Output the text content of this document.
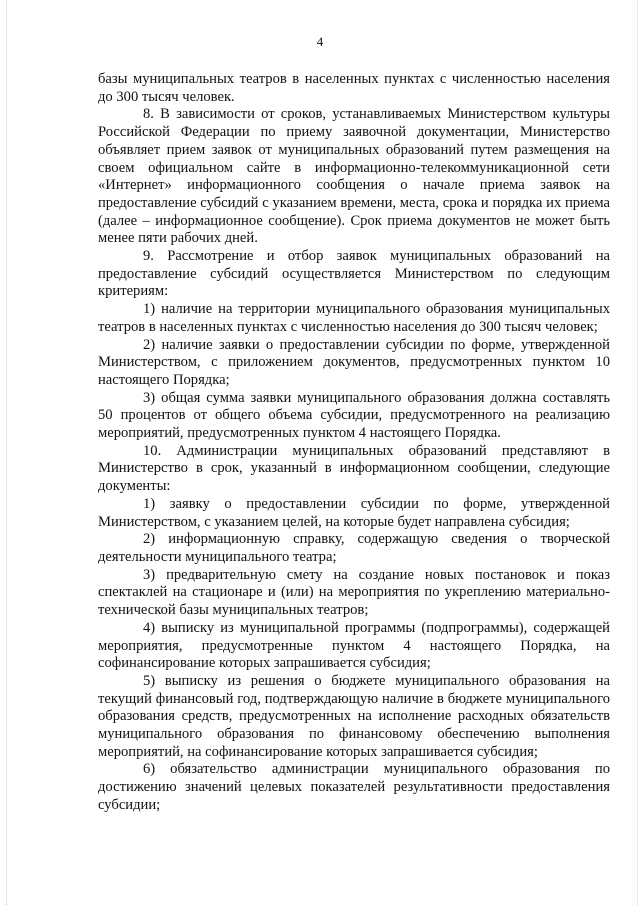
4

базы муниципальных театров в населенных пунктах с численностью населения до 300 тысяч человек.

8. В зависимости от сроков, устанавливаемых Министерством культуры Российской Федерации по приему заявочной документации, Министерство объявляет прием заявок от муниципальных образований путем размещения на своем официальном сайте в информационно-телекоммуникационной сети «Интернет» информационного сообщения о начале приема заявок на предоставление субсидий с указанием времени, места, срока и порядка их приема (далее – информационное сообщение). Срок приема документов не может быть менее пяти рабочих дней.

9. Рассмотрение и отбор заявок муниципальных образований на предоставление субсидий осуществляется Министерством по следующим критериям:

1) наличие на территории муниципального образования муниципальных театров в населенных пунктах с численностью населения до 300 тысяч человек;

2) наличие заявки о предоставлении субсидии по форме, утвержденной Министерством, с приложением документов, предусмотренных пунктом 10 настоящего Порядка;

3) общая сумма заявки муниципального образования должна составлять 50 процентов от общего объема субсидии, предусмотренного на реализацию мероприятий, предусмотренных пунктом 4 настоящего Порядка.

10. Администрации муниципальных образований представляют в Министерство в срок, указанный в информационном сообщении, следующие документы:

1) заявку о предоставлении субсидии по форме, утвержденной Министерством, с указанием целей, на которые будет направлена субсидия;

2) информационную справку, содержащую сведения о творческой деятельности муниципального театра;

3) предварительную смету на создание новых постановок и показ спектаклей на стационаре и (или) на мероприятия по укреплению материально-технической базы муниципальных театров;

4) выписку из муниципальной программы (подпрограммы), содержащей мероприятия, предусмотренные пунктом 4 настоящего Порядка, на софинансирование которых запрашивается субсидия;

5) выписку из решения о бюджете муниципального образования на текущий финансовый год, подтверждающую наличие в бюджете муниципального образования средств, предусмотренных на исполнение расходных обязательств муниципального образования по финансовому обеспечению выполнения мероприятий, на софинансирование которых запрашивается субсидия;

6) обязательство администрации муниципального образования по достижению значений целевых показателей результативности предоставления субсидии;
